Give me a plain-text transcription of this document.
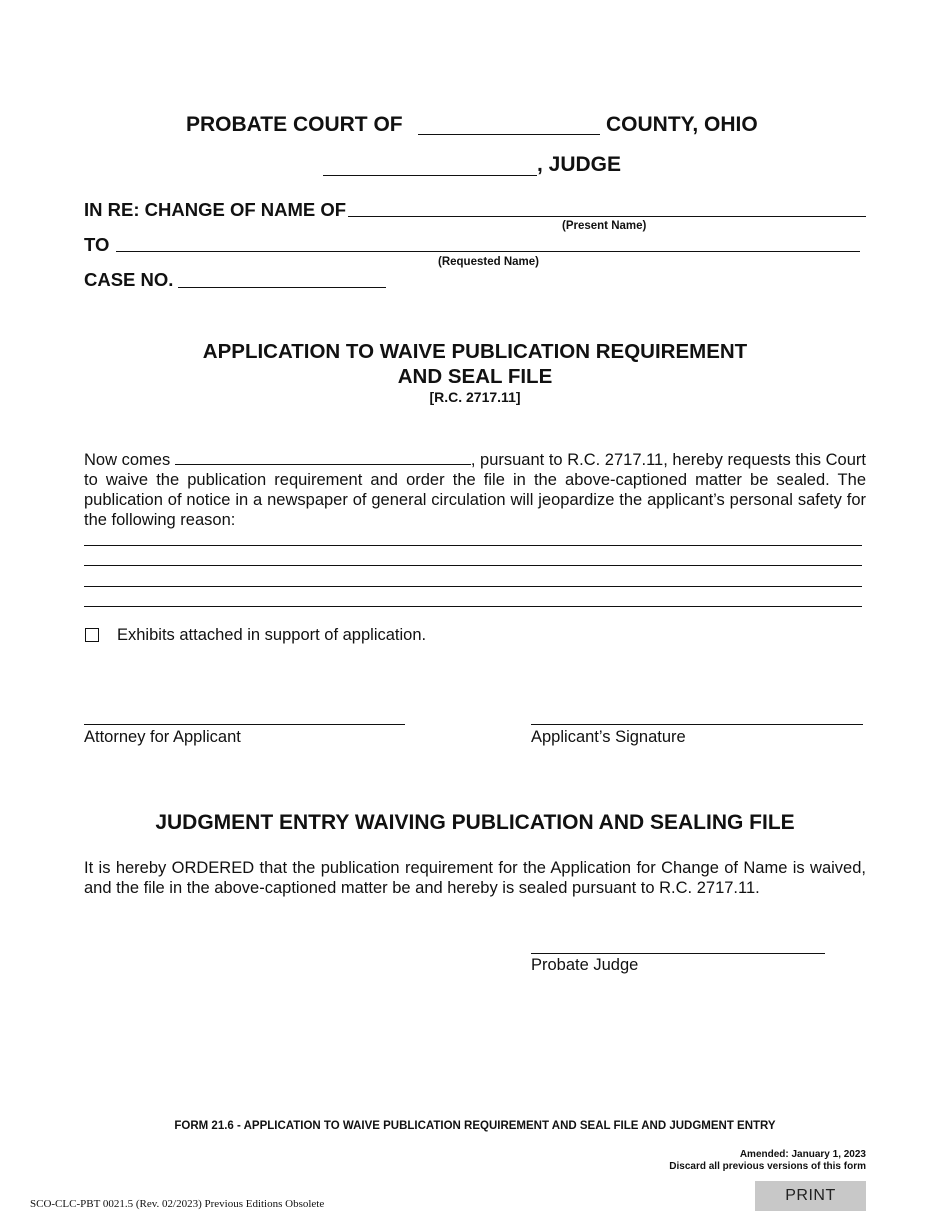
PROBATE COURT OF	COUNTY, OHIO
, JUDGE
IN RE: CHANGE OF NAME OF
(Present Name)
TO
(Requested Name)
CASE NO.
APPLICATION TO WAIVE PUBLICATION REQUIREMENT
AND SEAL FILE
[R.C. 2717.11]
Now comes	, pursuant to R.C. 2717.11, hereby requests this Court to waive the publication requirement and order the file in the above-captioned matter be sealed. The publication of notice in a newspaper of general circulation will jeopardize the applicant’s personal safety for the following reason:
Exhibits attached in support of application.
Attorney for Applicant	Applicant’s Signature
JUDGMENT ENTRY WAIVING PUBLICATION AND SEALING FILE
It is hereby ORDERED that the publication requirement for the Application for Change of Name is waived, and the file in the above-captioned matter be and hereby is sealed pursuant to R.C. 2717.11.
Probate Judge
FORM 21.6 - APPLICATION TO WAIVE PUBLICATION REQUIREMENT AND SEAL FILE AND JUDGMENT ENTRY
Amended: January 1, 2023
Discard all previous versions of this form
SCO-CLC-PBT 0021.5 (Rev. 02/2023) Previous Editions Obsolete	PRINT
